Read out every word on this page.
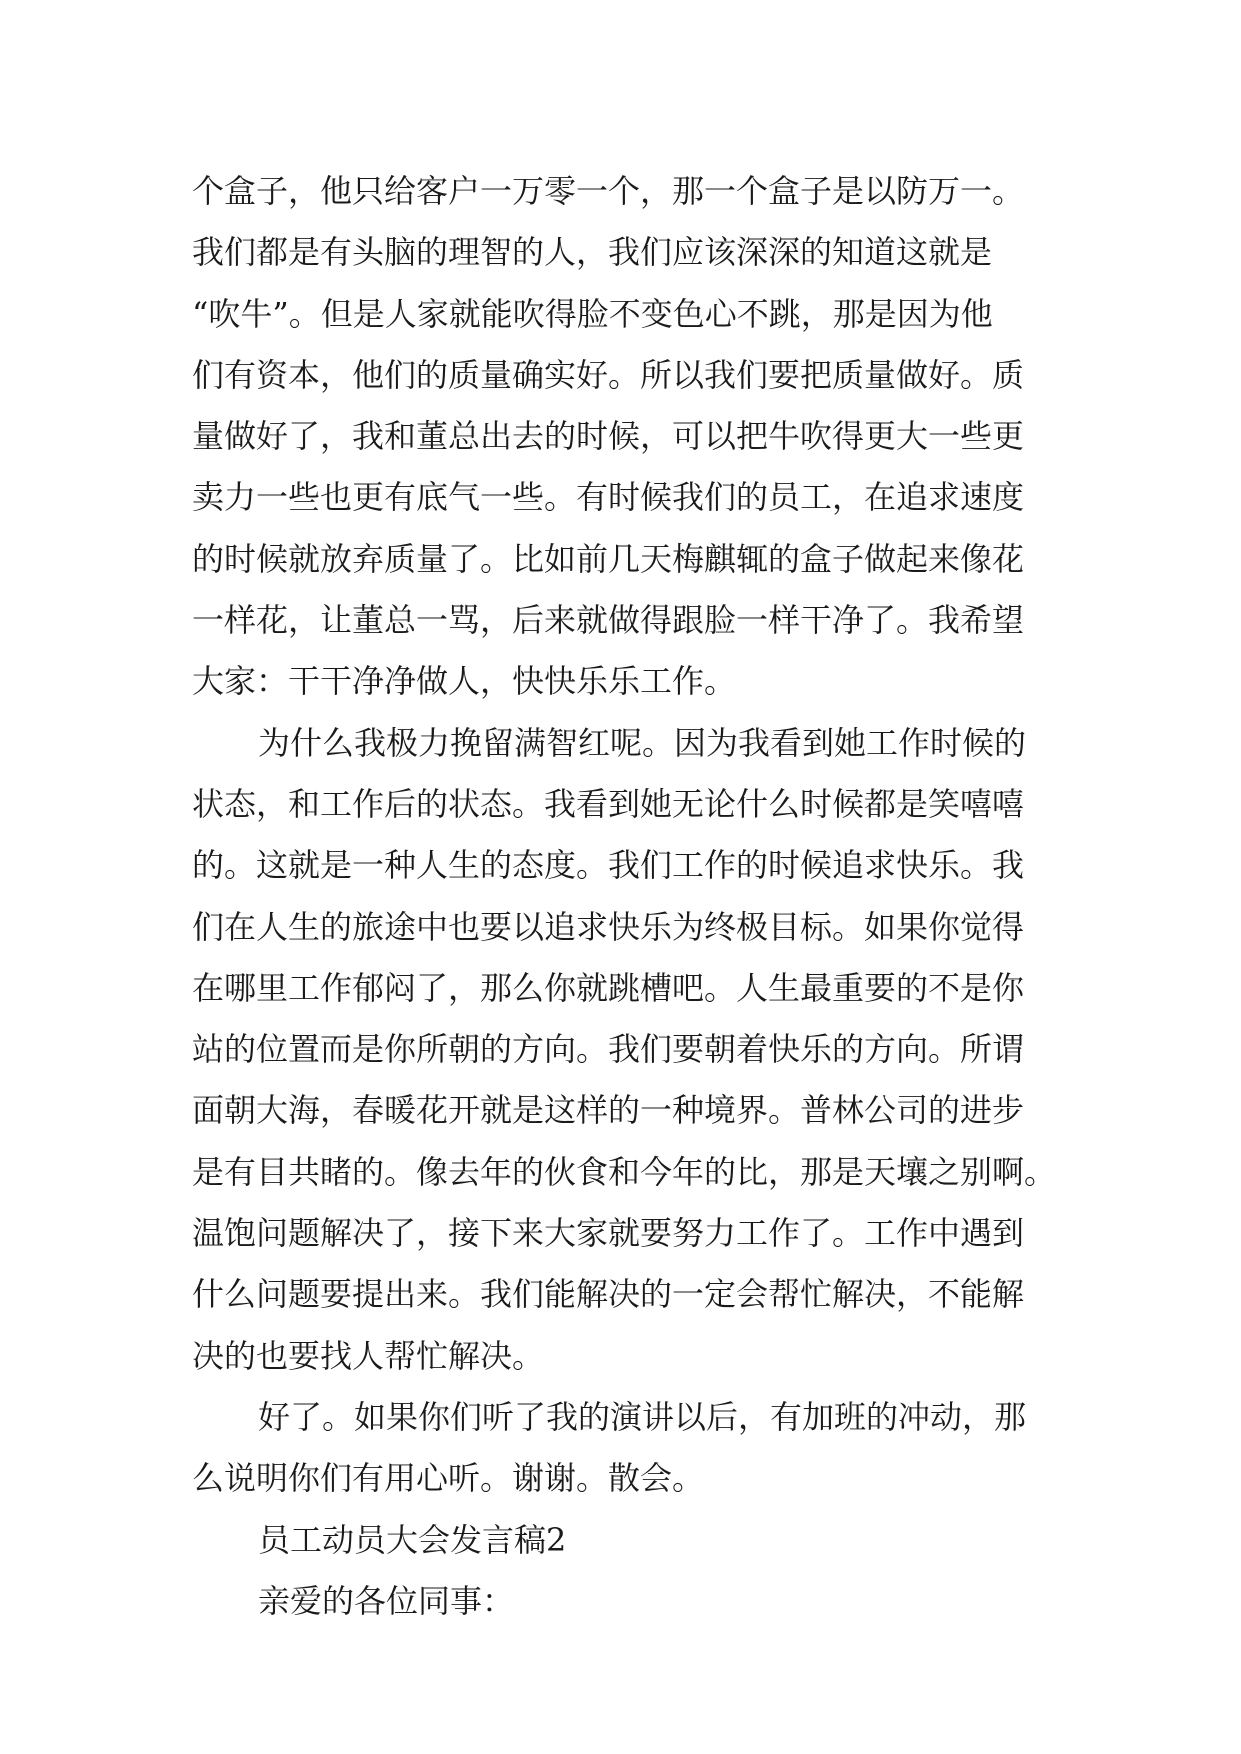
个盒子，他只给客户一万零一个，那一个盒子是以防万一。
我们都是有头脑的理智的人，我们应该深深的知道这就是
“吹牛”。但是人家就能吹得脸不变色心不跳，那是因为他
们有资本，他们的质量确实好。所以我们要把质量做好。质
量做好了，我和董总出去的时候，可以把牛吹得更大一些更
卖力一些也更有底气一些。有时候我们的员工，在追求速度
的时候就放弃质量了。比如前几天梅麒辄的盒子做起来像花
一样花，让董总一骂，后来就做得跟脸一样干净了。我希望
大家：干干净净做人，快快乐乐工作。
为什么我极力挽留满智红呢。因为我看到她工作时候的
状态，和工作后的状态。我看到她无论什么时候都是笑嘻嘻
的。这就是一种人生的态度。我们工作的时候追求快乐。我
们在人生的旅途中也要以追求快乐为终极目标。如果你觉得
在哪里工作郁闷了，那么你就跳槽吧。人生最重要的不是你
站的位置而是你所朝的方向。我们要朝着快乐的方向。所谓
面朝大海，春暖花开就是这样的一种境界。普林公司的进步
是有目共睹的。像去年的伙食和今年的比，那是天壤之别啊。
温饱问题解决了，接下来大家就要努力工作了。工作中遇到
什么问题要提出来。我们能解决的一定会帮忙解决，不能解
决的也要找人帮忙解决。
好了。如果你们听了我的演讲以后，有加班的冲动，那
么说明你们有用心听。谢谢。散会。
员工动员大会发言稿2
亲爱的各位同事：
